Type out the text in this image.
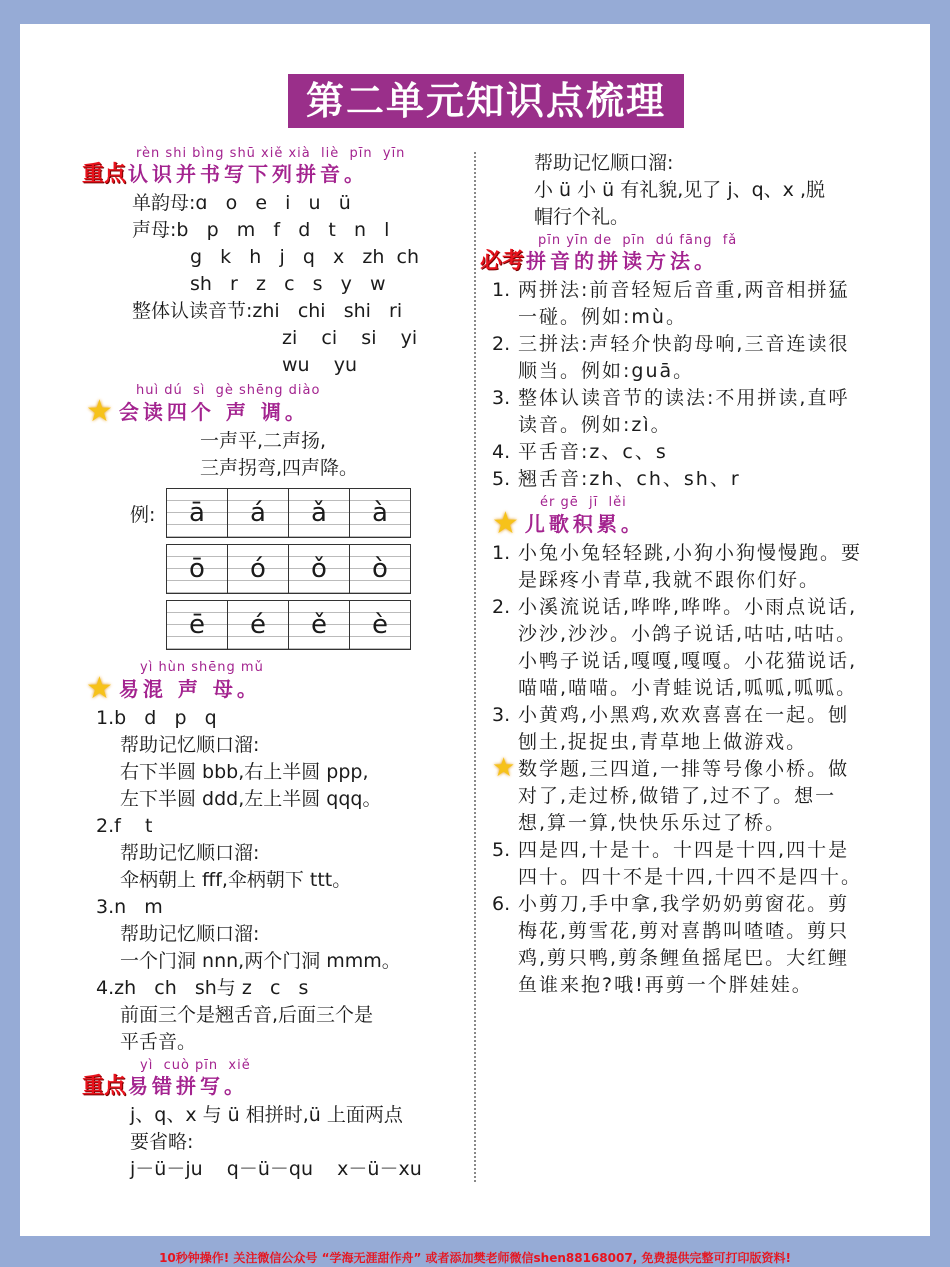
第二单元知识点梳理
rèn shi bìng shū xiě xià  liè  pīn  yīn
重点 认识并书写下列拼音。
单韵母:ɑ   o   e   i   u   ü
声母:b   p   m   f   d   t   n   l
g   k   h   j   q   x   zh  ch
sh   r   z   c   s   y   w
整体认读音节:zhi   chi   shi   ri
zi    ci    si    yi
wu    yu
huì dú  sì  gè shēng diào
★ 会读四个 声 调。
一声平,二声扬,
三声拐弯,四声降。
例:	ā	á	ǎ	à
ō	ó	ǒ	ò
ē	é	ě	è
yì hùn shēng mǔ
★ 易混 声 母。
1.b   d   p   q
帮助记忆顺口溜:
右下半圆 bbb,右上半圆 ppp,
左下半圆 ddd,左上半圆 qqq。
2.f    t
帮助记忆顺口溜:
伞柄朝上 fff,伞柄朝下 ttt。
3.n   m
帮助记忆顺口溜:
一个门洞 nnn,两个门洞 mmm。
4.zh   ch   sh与 z   c   s
前面三个是翘舌音,后面三个是
平舌音。
yì  cuò pīn  xiě
重点 易错拼写。
j、q、x 与 ü 相拼时,ü 上面两点
要省略:
j－ü－ju    q－ü－qu    x－ü－xu
帮助记忆顺口溜:
小 ü 小 ü 有礼貌,见了 j、q、x ,脱
帽行个礼。
pīn yīn de  pīn  dú fāng  fǎ
必考 拼音的拼读方法。
1. 两拼法:前音轻短后音重,两音相拼猛一碰。例如:mù。
2. 三拼法:声轻介快韵母响,三音连读很顺当。例如:guā。
3. 整体认读音节的读法:不用拼读,直呼读音。例如:zì。
4. 平舌音:z、c、s
5. 翘舌音:zh、ch、sh、r
ér gē  jī  lěi
★ 儿歌积累。
1. 小兔小兔轻轻跳,小狗小狗慢慢跑。要是踩疼小青草,我就不跟你们好。
2. 小溪流说话,哗哗,哗哗。小雨点说话,沙沙,沙沙。小鸽子说话,咕咕,咕咕。小鸭子说话,嘎嘎,嘎嘎。小花猫说话,喵喵,喵喵。小青蛙说话,呱呱,呱呱。
3. 小黄鸡,小黑鸡,欢欢喜喜在一起。刨刨土,捉捉虫,青草地上做游戏。
★ 数学题,三四道,一排等号像小桥。做对了,走过桥,做错了,过不了。想一想,算一算,快快乐乐过了桥。
5. 四是四,十是十。十四是十四,四十是四十。四十不是十四,十四不是四十。
6. 小剪刀,手中拿,我学奶奶剪窗花。剪梅花,剪雪花,剪对喜鹊叫喳喳。剪只鸡,剪只鸭,剪条鲤鱼摇尾巴。大红鲤鱼谁来抱?哦!再剪一个胖娃娃。
10秒钟操作! 关注微信公众号 “学海无涯甜作舟” 或者添加樊老师微信shen88168007, 免费提供完整可打印版资料!
